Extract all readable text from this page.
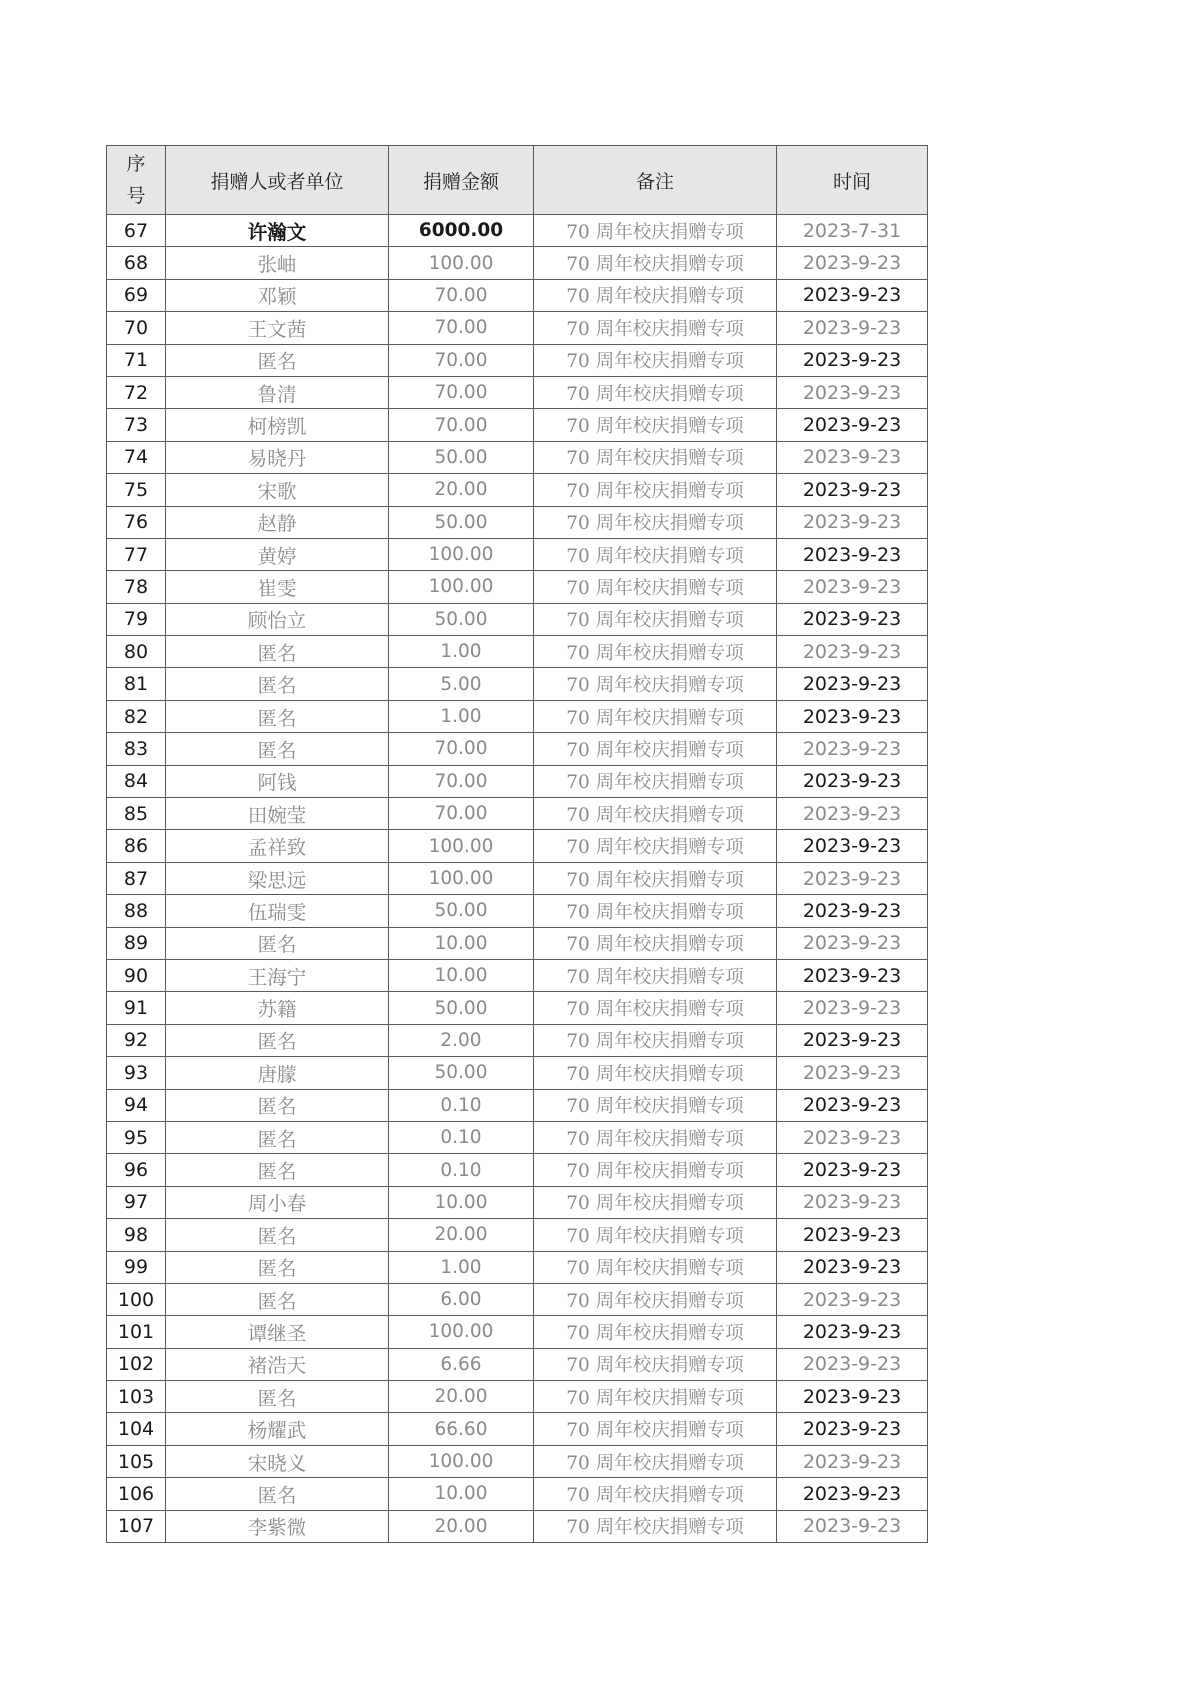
序
号	捐赠人或者单位	捐赠金额	备注	时间
67	许瀚文	6000.00	70 周年校庆捐赠专项	2023-7-31
68	张岫	100.00	70 周年校庆捐赠专项	2023-9-23
69	邓颖	70.00	70 周年校庆捐赠专项	2023-9-23
70	王文茜	70.00	70 周年校庆捐赠专项	2023-9-23
71	匿名	70.00	70 周年校庆捐赠专项	2023-9-23
72	鲁清	70.00	70 周年校庆捐赠专项	2023-9-23
73	柯榜凯	70.00	70 周年校庆捐赠专项	2023-9-23
74	易晓丹	50.00	70 周年校庆捐赠专项	2023-9-23
75	宋歌	20.00	70 周年校庆捐赠专项	2023-9-23
76	赵静	50.00	70 周年校庆捐赠专项	2023-9-23
77	黄婷	100.00	70 周年校庆捐赠专项	2023-9-23
78	崔雯	100.00	70 周年校庆捐赠专项	2023-9-23
79	顾怡立	50.00	70 周年校庆捐赠专项	2023-9-23
80	匿名	1.00	70 周年校庆捐赠专项	2023-9-23
81	匿名	5.00	70 周年校庆捐赠专项	2023-9-23
82	匿名	1.00	70 周年校庆捐赠专项	2023-9-23
83	匿名	70.00	70 周年校庆捐赠专项	2023-9-23
84	阿钱	70.00	70 周年校庆捐赠专项	2023-9-23
85	田婉莹	70.00	70 周年校庆捐赠专项	2023-9-23
86	孟祥致	100.00	70 周年校庆捐赠专项	2023-9-23
87	梁思远	100.00	70 周年校庆捐赠专项	2023-9-23
88	伍瑞雯	50.00	70 周年校庆捐赠专项	2023-9-23
89	匿名	10.00	70 周年校庆捐赠专项	2023-9-23
90	王海宁	10.00	70 周年校庆捐赠专项	2023-9-23
91	苏籍	50.00	70 周年校庆捐赠专项	2023-9-23
92	匿名	2.00	70 周年校庆捐赠专项	2023-9-23
93	唐朦	50.00	70 周年校庆捐赠专项	2023-9-23
94	匿名	0.10	70 周年校庆捐赠专项	2023-9-23
95	匿名	0.10	70 周年校庆捐赠专项	2023-9-23
96	匿名	0.10	70 周年校庆捐赠专项	2023-9-23
97	周小春	10.00	70 周年校庆捐赠专项	2023-9-23
98	匿名	20.00	70 周年校庆捐赠专项	2023-9-23
99	匿名	1.00	70 周年校庆捐赠专项	2023-9-23
100	匿名	6.00	70 周年校庆捐赠专项	2023-9-23
101	谭继圣	100.00	70 周年校庆捐赠专项	2023-9-23
102	褚浩天	6.66	70 周年校庆捐赠专项	2023-9-23
103	匿名	20.00	70 周年校庆捐赠专项	2023-9-23
104	杨耀武	66.60	70 周年校庆捐赠专项	2023-9-23
105	宋晓义	100.00	70 周年校庆捐赠专项	2023-9-23
106	匿名	10.00	70 周年校庆捐赠专项	2023-9-23
107	李紫微	20.00	70 周年校庆捐赠专项	2023-9-23
